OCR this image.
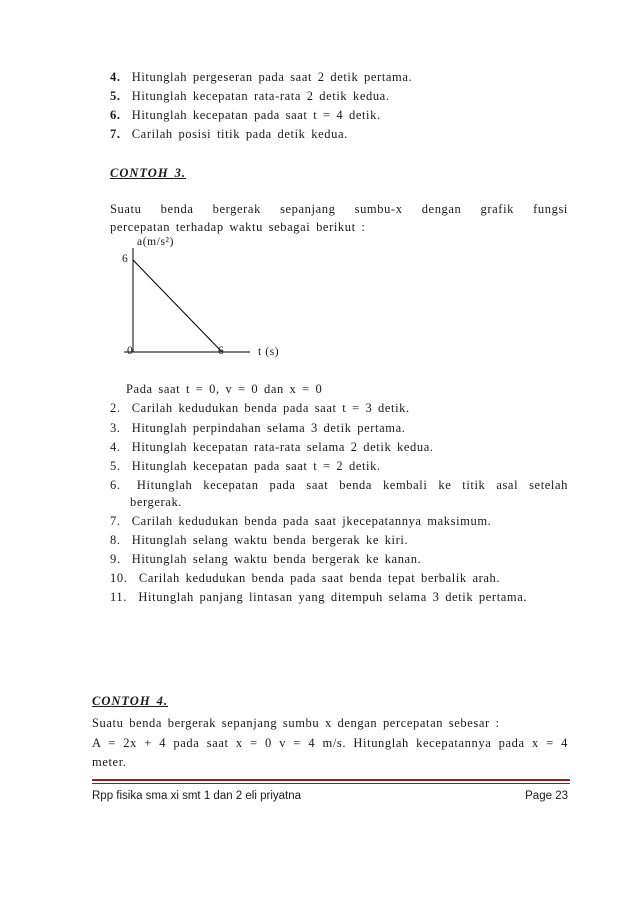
4. Hitunglah pergeseran pada saat 2 detik pertama.
5. Hitunglah kecepatan rata-rata 2 detik kedua.
6. Hitunglah kecepatan pada saat t = 4 detik.
7. Carilah posisi titik pada detik kedua.
CONTOH 3.
Suatu benda bergerak sepanjang sumbu-x dengan grafik fungsi
percepatan terhadap waktu sebagai berikut :
a(m/s²)
6
0	6	t (s)
Pada saat t = 0, v = 0 dan x = 0
2. Carilah kedudukan benda pada saat t = 3 detik.
3. Hitunglah perpindahan selama 3 detik pertama.
4. Hitunglah kecepatan rata-rata selama 2 detik kedua.
5. Hitunglah kecepatan pada saat t = 2 detik.
6. Hitunglah kecepatan pada saat benda kembali ke titik asal setelah
bergerak.
7. Carilah kedudukan benda pada saat jkecepatannya maksimum.
8. Hitunglah selang waktu benda bergerak ke kiri.
9. Hitunglah selang waktu benda bergerak ke kanan.
10. Carilah kedudukan benda pada saat benda tepat berbalik arah.
11. Hitunglah panjang lintasan yang ditempuh selama 3 detik pertama.
CONTOH 4.
Suatu benda bergerak sepanjang sumbu x dengan percepatan sebesar :
A = 2x + 4 pada saat x = 0 v = 4 m/s. Hitunglah kecepatannya pada x = 4
meter.
Rpp fisika sma xi smt 1 dan 2 eli priyatna	Page 23
